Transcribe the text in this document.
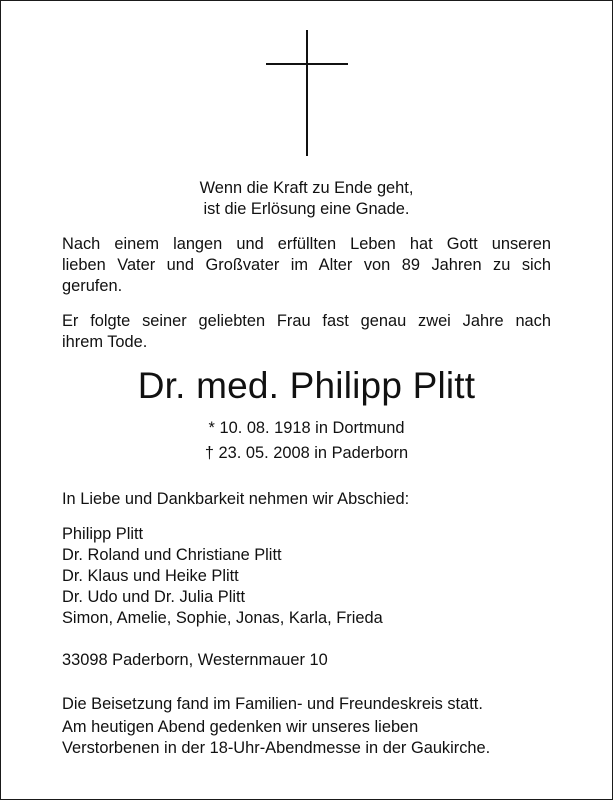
Wenn die Kraft zu Ende geht,
ist die Erlösung eine Gnade.
Nach einem langen und erfüllten Leben hat Gott unseren
lieben Vater und Großvater im Alter von 89 Jahren zu sich
gerufen.
Er folgte seiner geliebten Frau fast genau zwei Jahre nach
ihrem Tode.
Dr. med. Philipp Plitt
* 10. 08. 1918 in Dortmund
† 23. 05. 2008 in Paderborn
In Liebe und Dankbarkeit nehmen wir Abschied:
Philipp Plitt
Dr. Roland und Christiane Plitt
Dr. Klaus und Heike Plitt
Dr. Udo und Dr. Julia Plitt
Simon, Amelie, Sophie, Jonas, Karla, Frieda
33098 Paderborn, Westernmauer 10
Die Beisetzung fand im Familien- und Freundeskreis statt.
Am heutigen Abend gedenken wir unseres lieben
Verstorbenen in der 18-Uhr-Abendmesse in der Gaukirche.
